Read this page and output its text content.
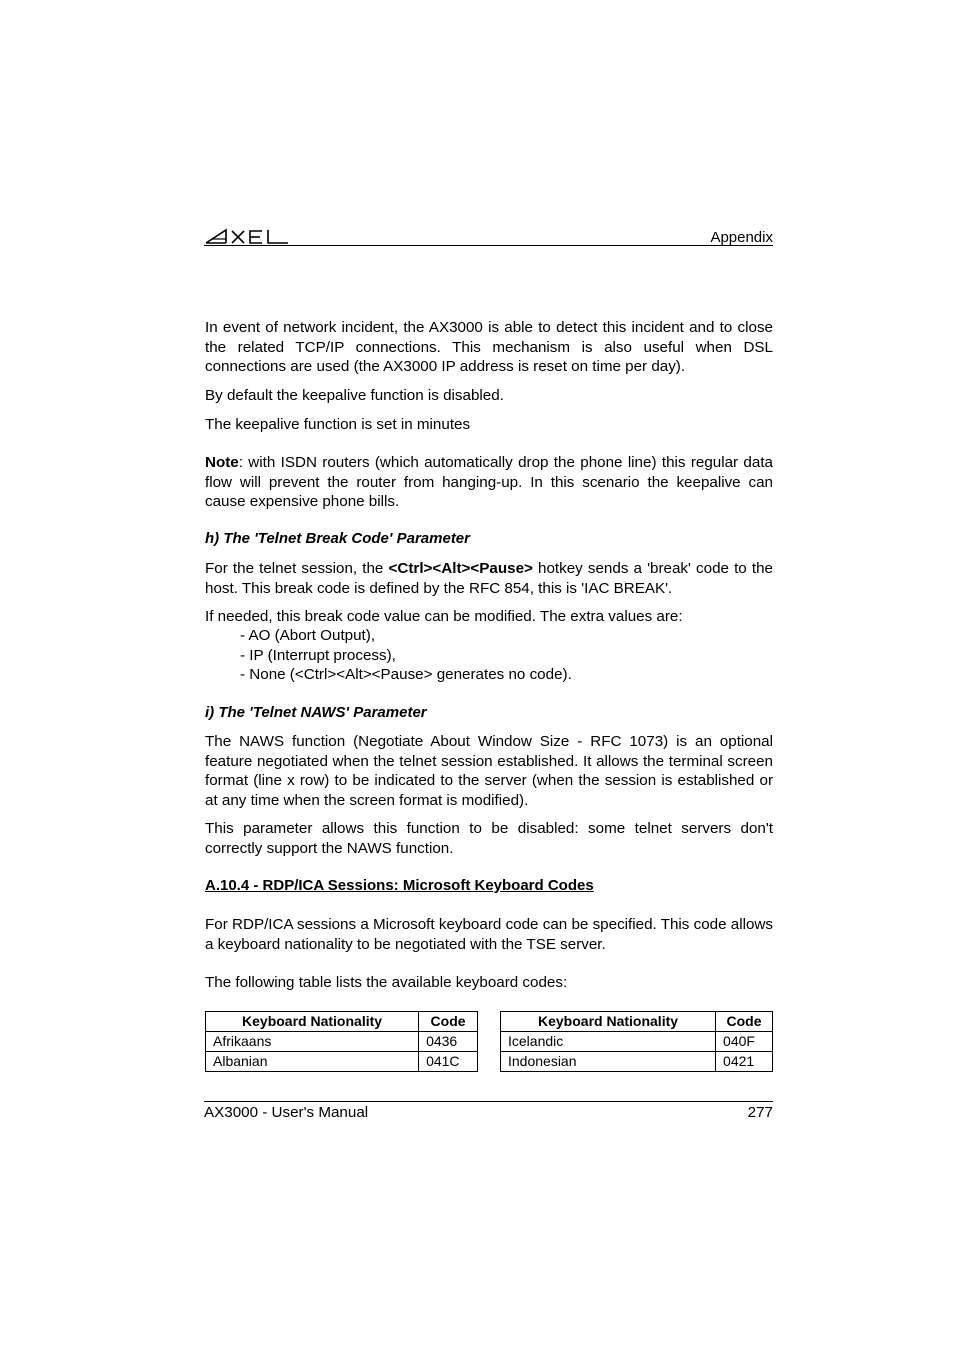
Appendix

In event of network incident, the AX3000 is able to detect this incident and to close the related TCP/IP connections. This mechanism is also useful when DSL connections are used (the AX3000 IP address is reset on time per day).

By default the keepalive function is disabled.

The keepalive function is set in minutes

Note: with ISDN routers (which automatically drop the phone line) this regular data flow will prevent the router from hanging-up. In this scenario the keepalive can cause expensive phone bills.

h) The 'Telnet Break Code' Parameter

For the telnet session, the <Ctrl><Alt><Pause> hotkey sends a 'break' code to the host. This break code is defined by the RFC 854, this is 'IAC BREAK'.

If needed, this break code value can be modified. The extra values are:

- AO (Abort Output),
- IP (Interrupt process),
- None (<Ctrl><Alt><Pause> generates no code).
i) The 'Telnet NAWS' Parameter

The NAWS function (Negotiate About Window Size - RFC 1073) is an optional feature negotiated when the telnet session established. It allows the terminal screen format (line x row) to be indicated to the server (when the session is established or at any time when the screen format is modified).

This parameter allows this function to be disabled: some telnet servers don't correctly support the NAWS function.

A.10.4 - RDP/ICA Sessions: Microsoft Keyboard Codes

For RDP/ICA sessions a Microsoft keyboard code can be specified. This code allows a keyboard nationality to be negotiated with the TSE server.

The following table lists the available keyboard codes:

Keyboard Nationality	Code
Afrikaans	0436
Albanian	041C
Keyboard Nationality	Code
Icelandic	040F
Indonesian	0421
AX3000 - User's Manual	277
